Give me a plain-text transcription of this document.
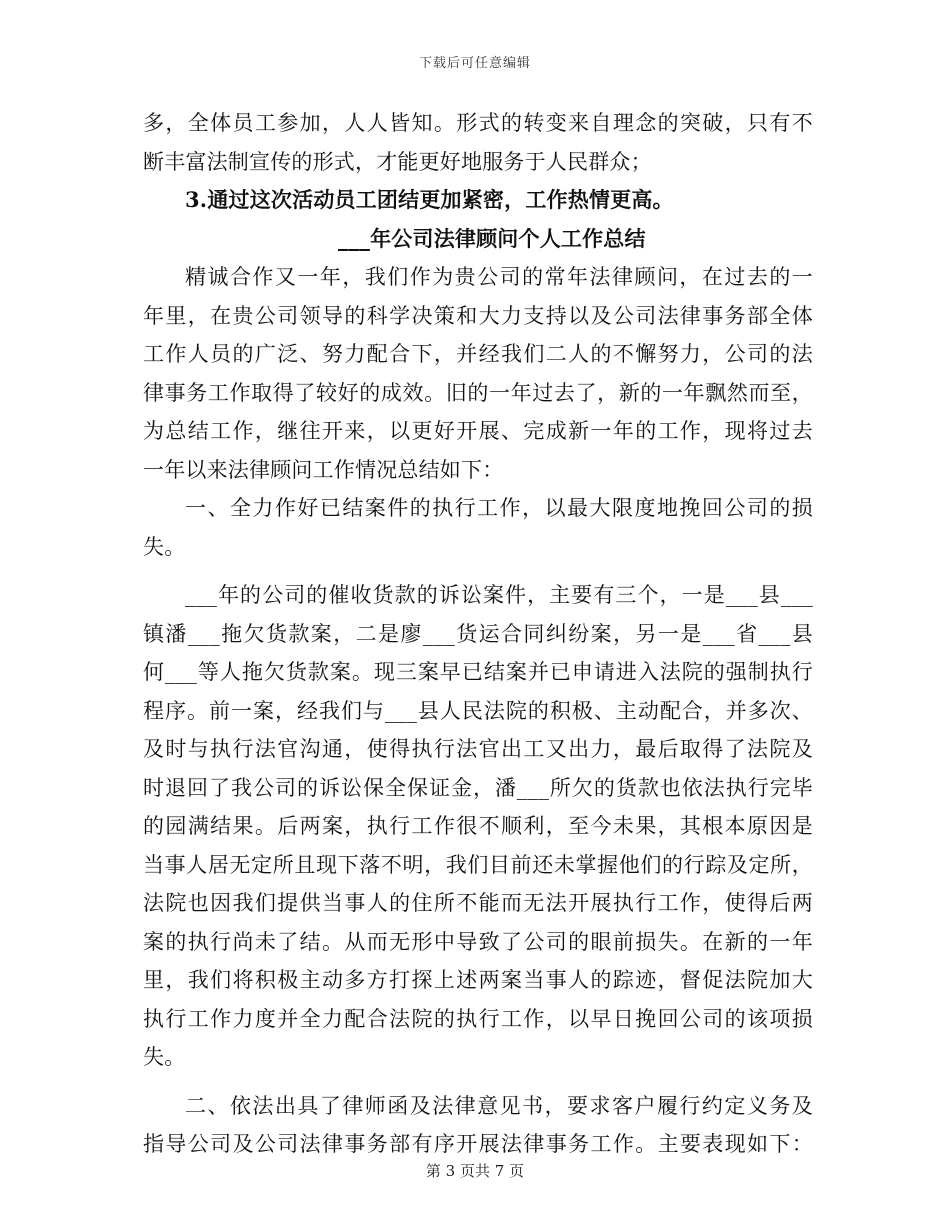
下载后可任意编辑
多，全体员工参加，人人皆知。形式的转变来自理念的突破，只有不
断丰富法制宣传的形式，才能更好地服务于人民群众；
3.通过这次活动员工团结更加紧密，工作热情更高。
___年公司法律顾问个人工作总结
精诚合作又一年，我们作为贵公司的常年法律顾问，在过去的一
年里，在贵公司领导的科学决策和大力支持以及公司法律事务部全体
工作人员的广泛、努力配合下，并经我们二人的不懈努力，公司的法
律事务工作取得了较好的成效。旧的一年过去了，新的一年飘然而至，
为总结工作，继往开来，以更好开展、完成新一年的工作，现将过去
一年以来法律顾问工作情况总结如下：
一、全力作好已结案件的执行工作，以最大限度地挽回公司的损
失。
___年的公司的催收货款的诉讼案件，主要有三个，一是___县___
镇潘___拖欠货款案，二是廖___货运合同纠纷案，另一是___省___县
何___等人拖欠货款案。现三案早已结案并已申请进入法院的强制执行
程序。前一案，经我们与___县人民法院的积极、主动配合，并多次、
及时与执行法官沟通，使得执行法官出工又出力，最后取得了法院及
时退回了我公司的诉讼保全保证金，潘___所欠的货款也依法执行完毕
的园满结果。后两案，执行工作很不顺利，至今未果，其根本原因是
当事人居无定所且现下落不明，我们目前还未掌握他们的行踪及定所，
法院也因我们提供当事人的住所不能而无法开展执行工作，使得后两
案的执行尚未了结。从而无形中导致了公司的眼前损失。在新的一年
里，我们将积极主动多方打探上述两案当事人的踪迹，督促法院加大
执行工作力度并全力配合法院的执行工作，以早日挽回公司的该项损
失。
二、依法出具了律师函及法律意见书，要求客户履行约定义务及
指导公司及公司法律事务部有序开展法律事务工作。主要表现如下：
第 3 页共 7 页
